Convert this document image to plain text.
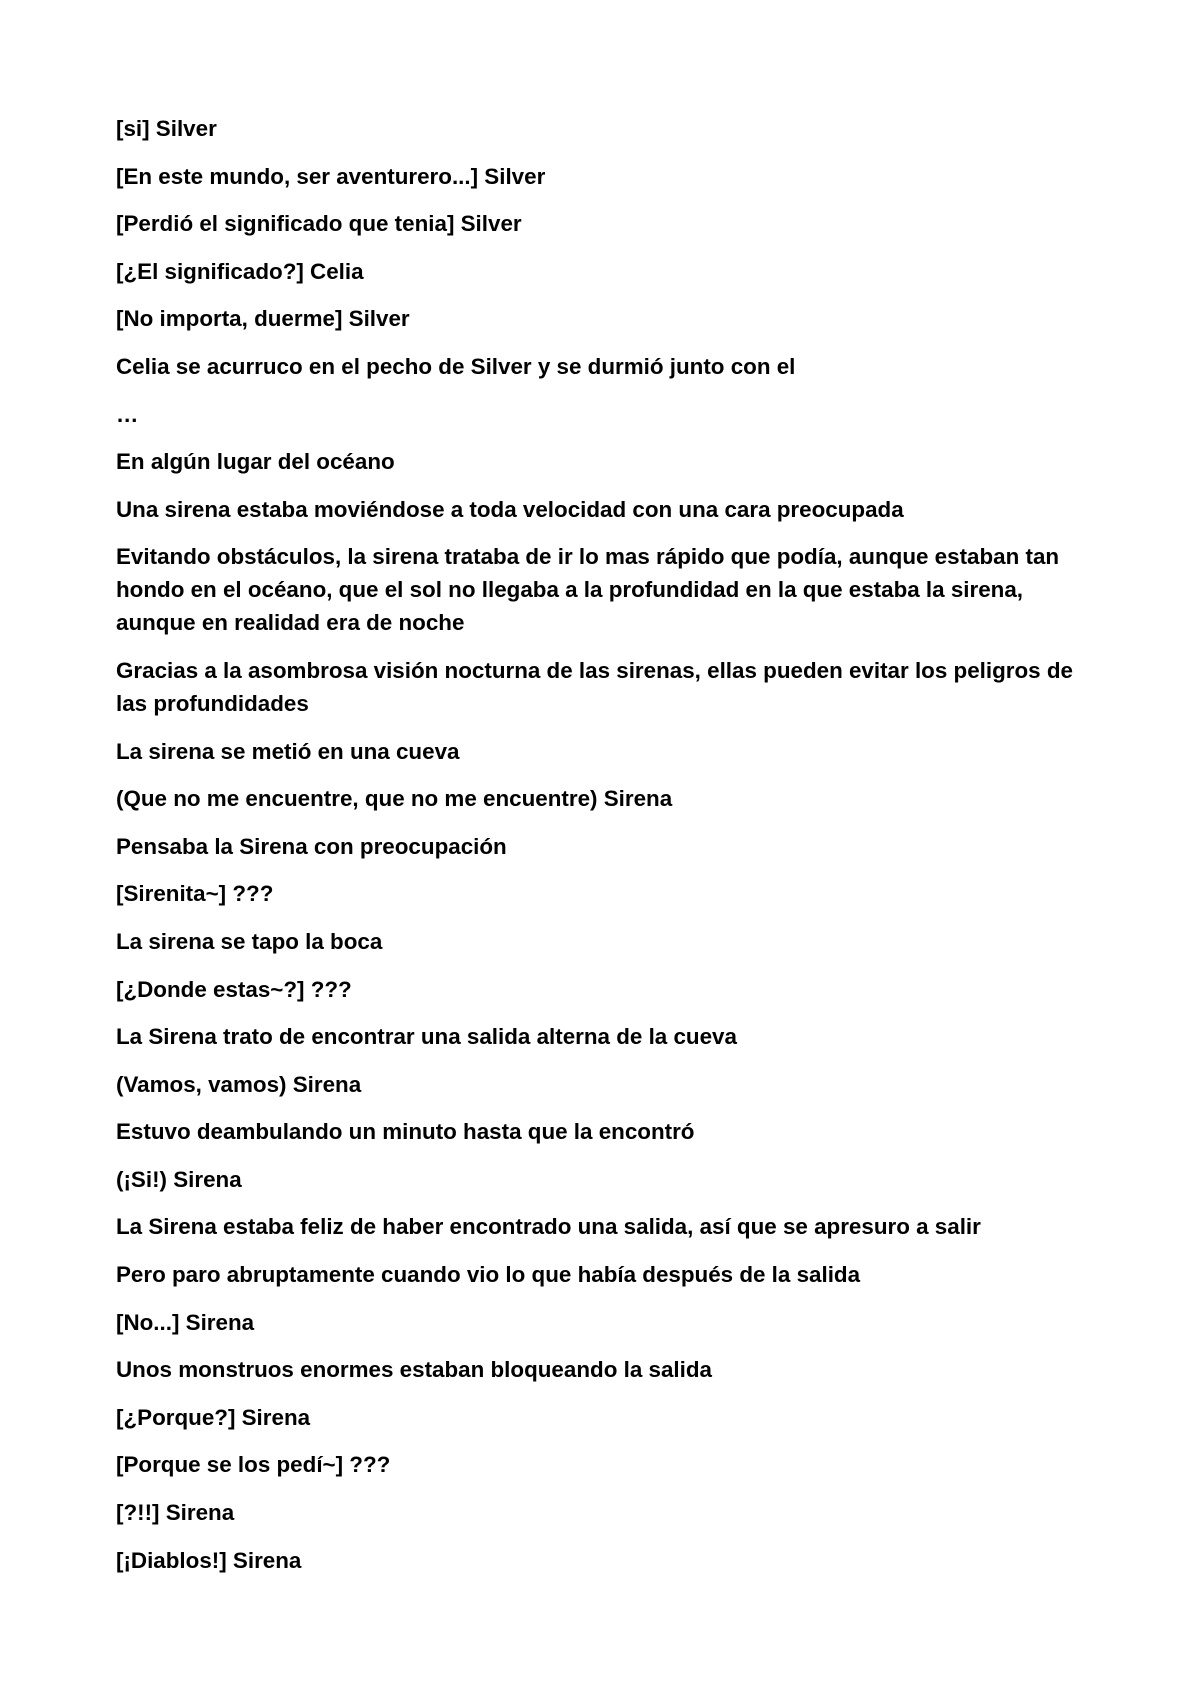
[si] Silver

[En este mundo, ser aventurero...] Silver

[Perdió el significado que tenia] Silver

[¿El significado?] Celia

[No importa, duerme] Silver

Celia se acurruco en el pecho de Silver y se durmió junto con el

…

En algún lugar del océano

Una sirena estaba moviéndose a toda velocidad con una cara preocupada

Evitando obstáculos, la sirena trataba de ir lo mas rápido que podía, aunque estaban tan hondo en el océano, que el sol no llegaba a la profundidad en la que estaba la sirena, aunque en realidad era de noche

Gracias a la asombrosa visión nocturna de las sirenas, ellas pueden evitar los peligros de las profundidades

La sirena se metió en una cueva

(Que no me encuentre, que no me encuentre) Sirena

Pensaba la Sirena con preocupación

[Sirenita~] ???

La sirena se tapo la boca

[¿Donde estas~?] ???

La Sirena trato de encontrar una salida alterna de la cueva

(Vamos, vamos) Sirena

Estuvo deambulando un minuto hasta que la encontró

(¡Si!) Sirena

La Sirena estaba feliz de haber encontrado una salida, así que se apresuro a salir

Pero paro abruptamente cuando vio lo que había después de la salida

[No...] Sirena

Unos monstruos enormes estaban bloqueando la salida

[¿Porque?] Sirena

[Porque se los pedí~] ???

[?!!] Sirena

[¡Diablos!] Sirena
